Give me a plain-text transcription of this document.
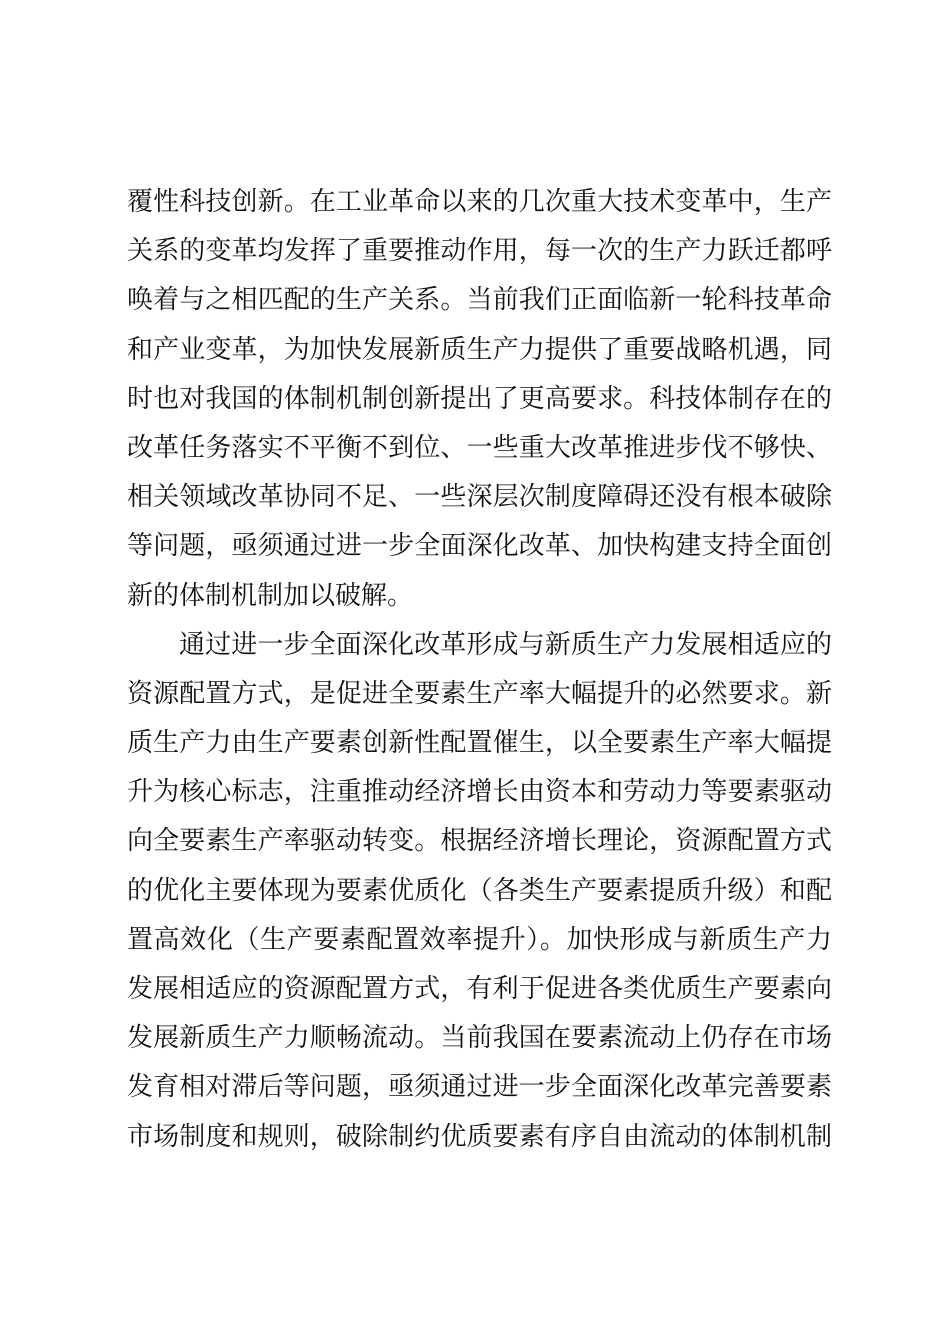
覆性科技创新。在工业革命以来的几次重大技术变革中，生产
关系的变革均发挥了重要推动作用，每一次的生产力跃迁都呼
唤着与之相匹配的生产关系。当前我们正面临新一轮科技革命
和产业变革，为加快发展新质生产力提供了重要战略机遇，同
时也对我国的体制机制创新提出了更高要求。科技体制存在的
改革任务落实不平衡不到位、一些重大改革推进步伐不够快、
相关领域改革协同不足、一些深层次制度障碍还没有根本破除
等问题，亟须通过进一步全面深化改革、加快构建支持全面创
新的体制机制加以破解。
通过进一步全面深化改革形成与新质生产力发展相适应的
资源配置方式，是促进全要素生产率大幅提升的必然要求。新
质生产力由生产要素创新性配置催生，以全要素生产率大幅提
升为核心标志，注重推动经济增长由资本和劳动力等要素驱动
向全要素生产率驱动转变。根据经济增长理论，资源配置方式
的优化主要体现为要素优质化（各类生产要素提质升级）和配
置高效化（生产要素配置效率提升）。加快形成与新质生产力
发展相适应的资源配置方式，有利于促进各类优质生产要素向
发展新质生产力顺畅流动。当前我国在要素流动上仍存在市场
发育相对滞后等问题，亟须通过进一步全面深化改革完善要素
市场制度和规则，破除制约优质要素有序自由流动的体制机制
